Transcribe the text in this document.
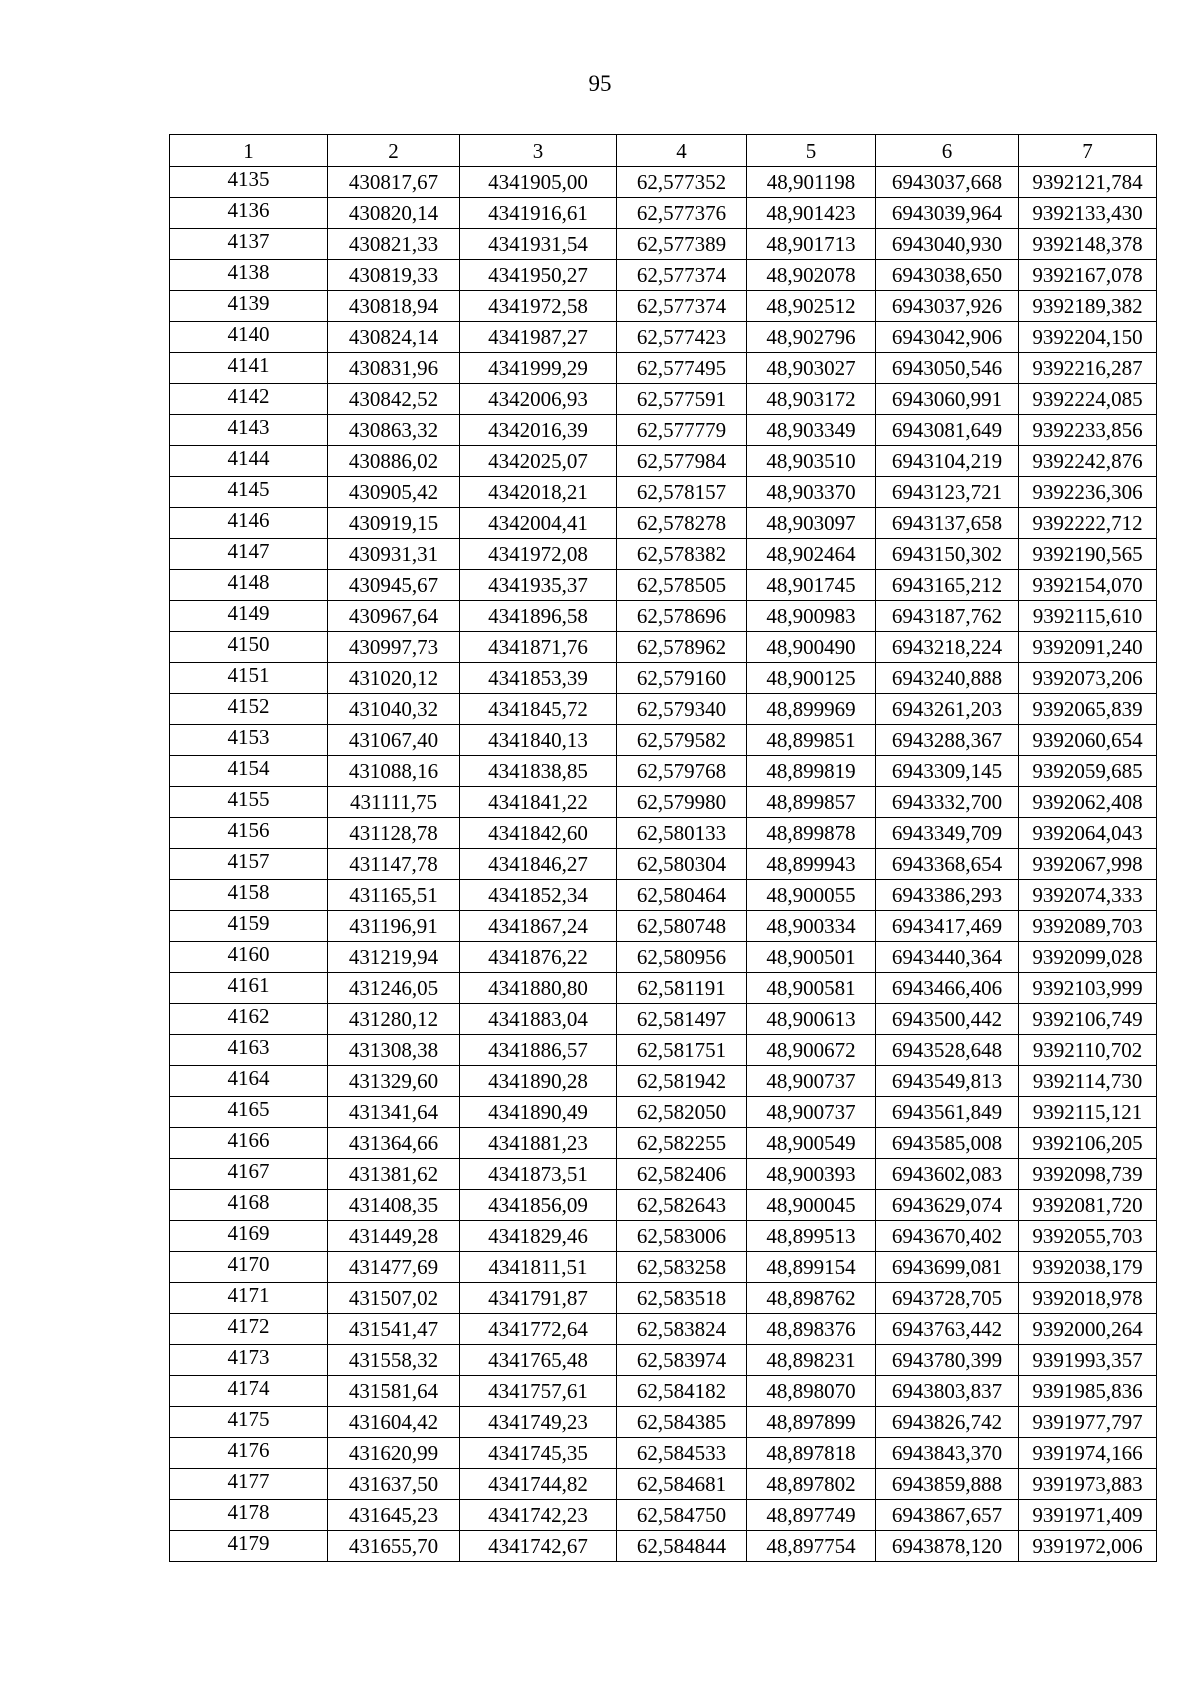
95
1	2	3	4	5	6	7
4135	430817,67	4341905,00	62,577352	48,901198	6943037,668	9392121,784
4136	430820,14	4341916,61	62,577376	48,901423	6943039,964	9392133,430
4137	430821,33	4341931,54	62,577389	48,901713	6943040,930	9392148,378
4138	430819,33	4341950,27	62,577374	48,902078	6943038,650	9392167,078
4139	430818,94	4341972,58	62,577374	48,902512	6943037,926	9392189,382
4140	430824,14	4341987,27	62,577423	48,902796	6943042,906	9392204,150
4141	430831,96	4341999,29	62,577495	48,903027	6943050,546	9392216,287
4142	430842,52	4342006,93	62,577591	48,903172	6943060,991	9392224,085
4143	430863,32	4342016,39	62,577779	48,903349	6943081,649	9392233,856
4144	430886,02	4342025,07	62,577984	48,903510	6943104,219	9392242,876
4145	430905,42	4342018,21	62,578157	48,903370	6943123,721	9392236,306
4146	430919,15	4342004,41	62,578278	48,903097	6943137,658	9392222,712
4147	430931,31	4341972,08	62,578382	48,902464	6943150,302	9392190,565
4148	430945,67	4341935,37	62,578505	48,901745	6943165,212	9392154,070
4149	430967,64	4341896,58	62,578696	48,900983	6943187,762	9392115,610
4150	430997,73	4341871,76	62,578962	48,900490	6943218,224	9392091,240
4151	431020,12	4341853,39	62,579160	48,900125	6943240,888	9392073,206
4152	431040,32	4341845,72	62,579340	48,899969	6943261,203	9392065,839
4153	431067,40	4341840,13	62,579582	48,899851	6943288,367	9392060,654
4154	431088,16	4341838,85	62,579768	48,899819	6943309,145	9392059,685
4155	431111,75	4341841,22	62,579980	48,899857	6943332,700	9392062,408
4156	431128,78	4341842,60	62,580133	48,899878	6943349,709	9392064,043
4157	431147,78	4341846,27	62,580304	48,899943	6943368,654	9392067,998
4158	431165,51	4341852,34	62,580464	48,900055	6943386,293	9392074,333
4159	431196,91	4341867,24	62,580748	48,900334	6943417,469	9392089,703
4160	431219,94	4341876,22	62,580956	48,900501	6943440,364	9392099,028
4161	431246,05	4341880,80	62,581191	48,900581	6943466,406	9392103,999
4162	431280,12	4341883,04	62,581497	48,900613	6943500,442	9392106,749
4163	431308,38	4341886,57	62,581751	48,900672	6943528,648	9392110,702
4164	431329,60	4341890,28	62,581942	48,900737	6943549,813	9392114,730
4165	431341,64	4341890,49	62,582050	48,900737	6943561,849	9392115,121
4166	431364,66	4341881,23	62,582255	48,900549	6943585,008	9392106,205
4167	431381,62	4341873,51	62,582406	48,900393	6943602,083	9392098,739
4168	431408,35	4341856,09	62,582643	48,900045	6943629,074	9392081,720
4169	431449,28	4341829,46	62,583006	48,899513	6943670,402	9392055,703
4170	431477,69	4341811,51	62,583258	48,899154	6943699,081	9392038,179
4171	431507,02	4341791,87	62,583518	48,898762	6943728,705	9392018,978
4172	431541,47	4341772,64	62,583824	48,898376	6943763,442	9392000,264
4173	431558,32	4341765,48	62,583974	48,898231	6943780,399	9391993,357
4174	431581,64	4341757,61	62,584182	48,898070	6943803,837	9391985,836
4175	431604,42	4341749,23	62,584385	48,897899	6943826,742	9391977,797
4176	431620,99	4341745,35	62,584533	48,897818	6943843,370	9391974,166
4177	431637,50	4341744,82	62,584681	48,897802	6943859,888	9391973,883
4178	431645,23	4341742,23	62,584750	48,897749	6943867,657	9391971,409
4179	431655,70	4341742,67	62,584844	48,897754	6943878,120	9391972,006
